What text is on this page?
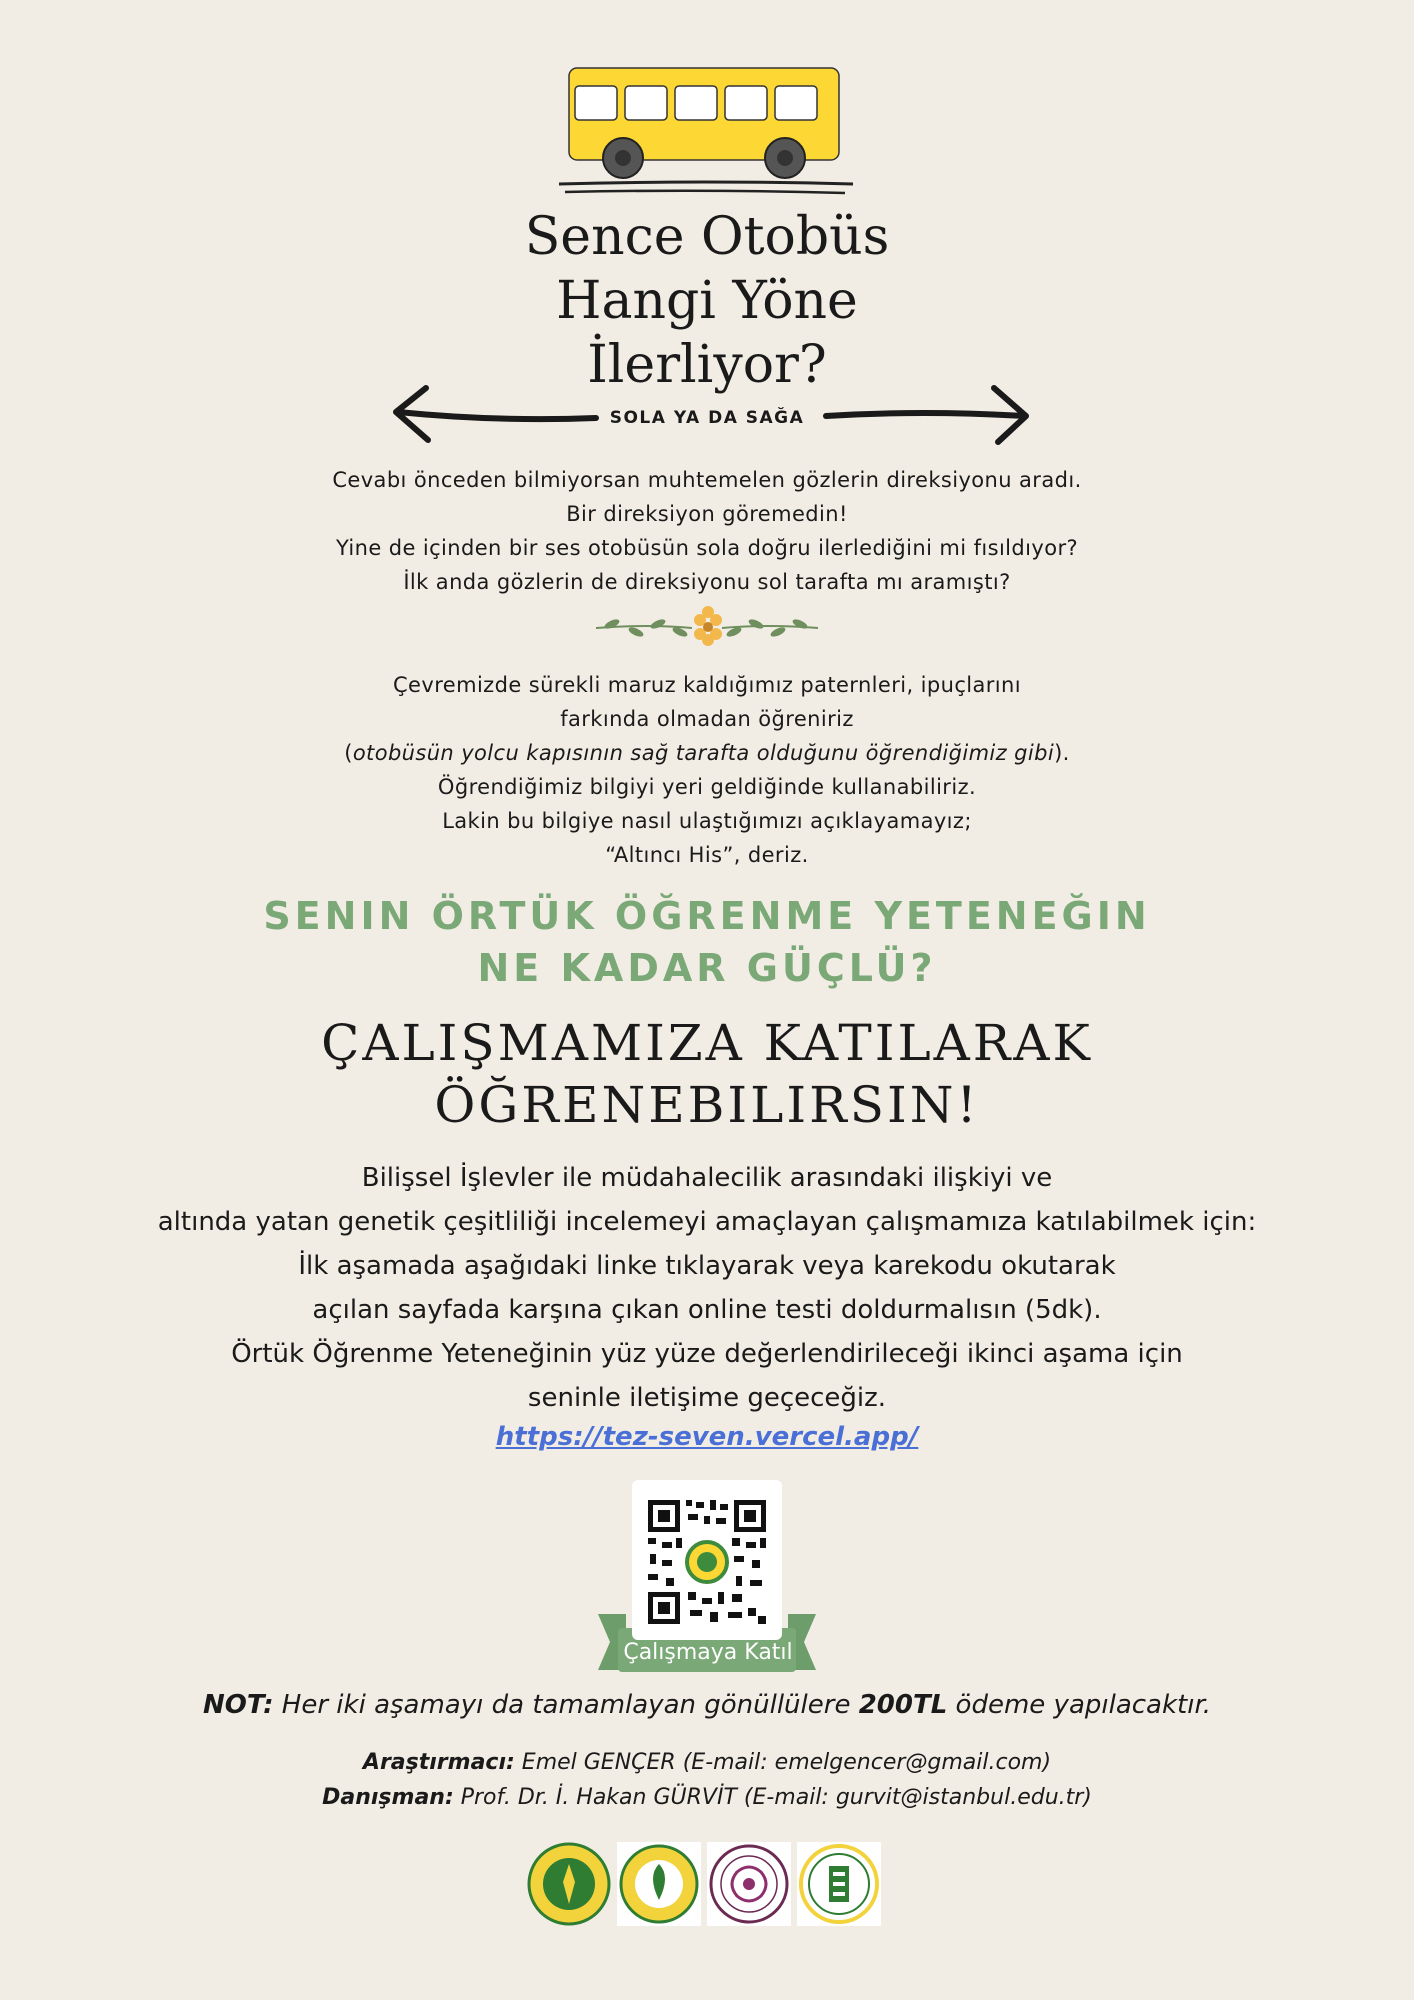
Sence Otobüs
Hangi Yöne
İlerliyor?
SOLA YA DA SAĞA
Cevabı önceden bilmiyorsan muhtemelen gözlerin direksiyonu aradı.
Bir direksiyon göremedin!
Yine de içinden bir ses otobüsün sola doğru ilerlediğini mi fısıldıyor?
İlk anda gözlerin de direksiyonu sol tarafta mı aramıştı?
Çevremizde sürekli maruz kaldığımız paternleri, ipuçlarını
farkında olmadan öğreniriz
(otobüsün yolcu kapısının sağ tarafta olduğunu öğrendiğimiz gibi).
Öğrendiğimiz bilgiyi yeri geldiğinde kullanabiliriz.
Lakin bu bilgiye nasıl ulaştığımızı açıklayamayız;
“Altıncı His”, deriz.
SENIN ÖRTÜK ÖĞRENME YETENEĞIN
NE KADAR GÜÇLÜ?
ÇALIŞMAMIZA KATILARAK
ÖĞRENEBILIRSIN!
Bilişsel İşlevler ile müdahalecilik arasındaki ilişkiyi ve
altında yatan genetik çeşitliliği incelemeyi amaçlayan çalışmamıza katılabilmek için:
İlk aşamada aşağıdaki linke tıklayarak veya karekodu okutarak
açılan sayfada karşına çıkan online testi doldurmalısın (5dk).
Örtük Öğrenme Yeteneğinin yüz yüze değerlendirileceği ikinci aşama için
seninle iletişime geçeceğiz.
https://tez-seven.vercel.app/
Çalışmaya Katıl
NOT: Her iki aşamayı da tamamlayan gönüllülere 200TL ödeme yapılacaktır.
Araştırmacı: Emel GENÇER (E-mail: emelgencer@gmail.com)
Danışman: Prof. Dr. İ. Hakan GÜRVİT (E-mail: gurvit@istanbul.edu.tr)
